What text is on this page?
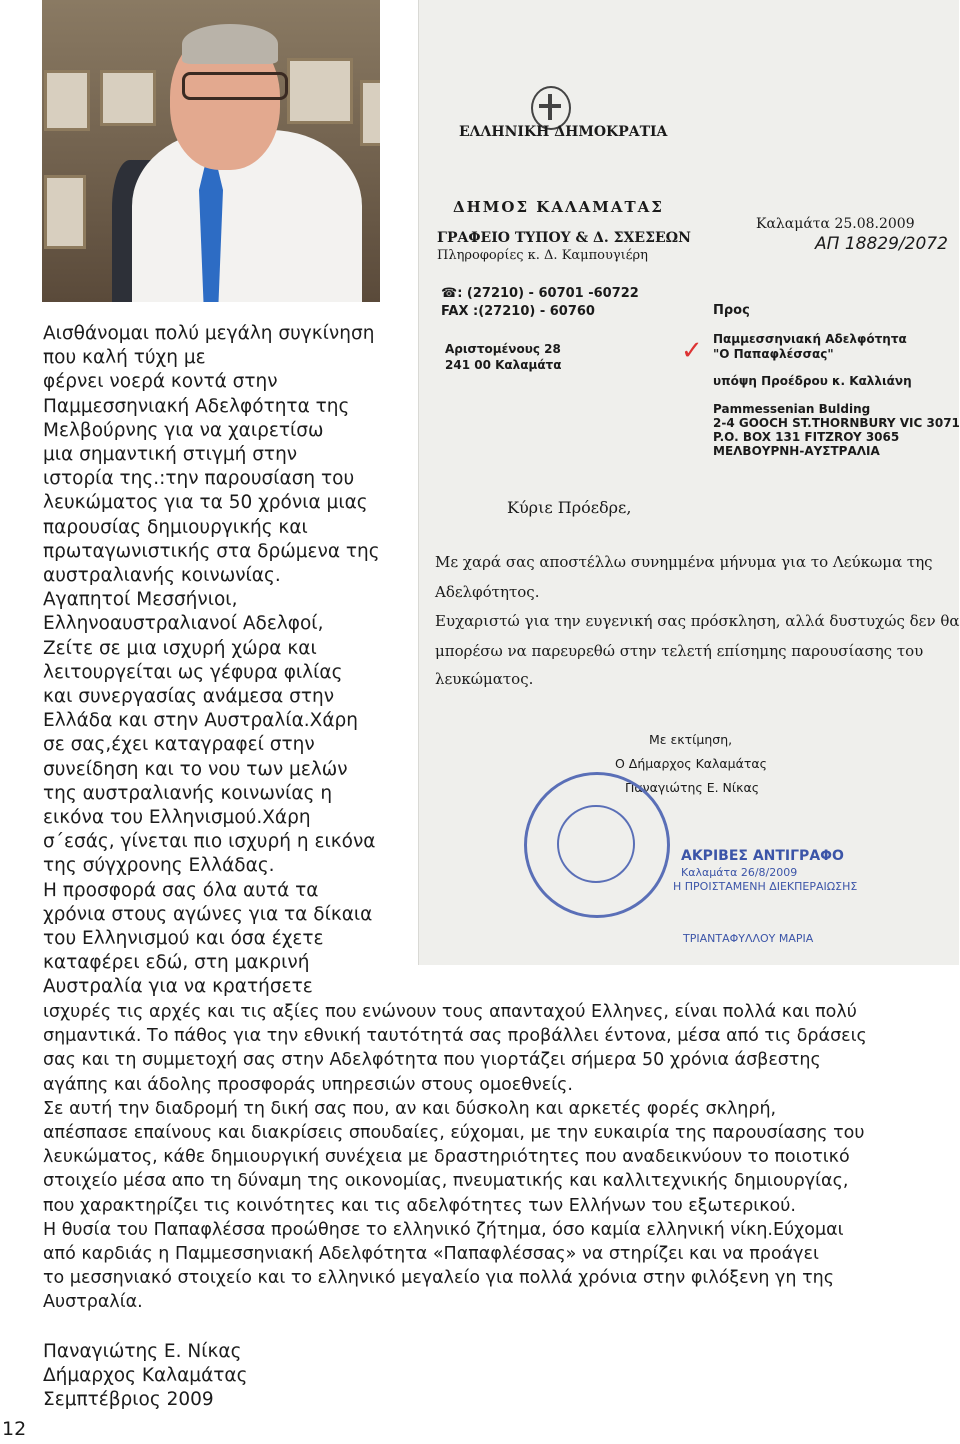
ΕΛΛΗΝΙΚΗ ΔΗΜΟΚΡΑΤΙΑ
ΔΗΜΟΣ ΚΑΛΑΜΑΤΑΣ
ΓΡΑΦΕΙΟ ΤΥΠΟΥ & Δ. ΣΧΕΣΕΩΝ
Πληροφορίες κ. Δ. Καμπουγιέρη
Καλαμάτα 25.08.2009
ΑΠ 18829/2072
☎: (27210) - 60701 -60722
FAX :(27210) - 60760
Αριστομένους 28
241 00 Καλαμάτα
Προς
✓ Παμμεσσηνιακή Αδελφότητα
"Ο Παπαφλέσσας"
υπόψη Προέδρου κ. Καλλιάνη
Pammessenian Bulding
2-4 GOOCH ST.THORNBURY VIC 3071
P.O. BOX 131 FITZROY 3065
ΜΕΛΒΟΥΡΝΗ-ΑΥΣΤΡΑΛΙΑ
Κύριε Πρόεδρε,
Με χαρά σας αποστέλλω συνημμένα μήνυμα για το Λεύκωμα της
Αδελφότητος.
Ευχαριστώ για την ευγενική σας πρόσκληση, αλλά δυστυχώς δεν θα
μπορέσω να παρευρεθώ στην τελετή επίσημης παρουσίασης του
λευκώματος.
Με εκτίμηση,
Ο Δήμαρχος Καλαμάτας
Παναγιώτης Ε. Νίκας
ΑΚΡΙΒΕΣ ΑΝΤΙΓΡΑΦΟ
Καλαμάτα 26/8/2009
Η ΠΡΟΙΣΤΑΜΕΝΗ ΔΙΕΚΠΕΡΑΙΩΣΗΣ
ΤΡΙΑΝΤΑΦΥΛΛΟΥ ΜΑΡΙΑ
Αισθάνομαι πολύ μεγάλη συγκίνηση
που καλή τύχη με
φέρνει νοερά κοντά στην
Παμμεσσηνιακή Αδελφότητα της
Μελβούρνης για να χαιρετίσω
μια σημαντική στιγμή στην
ιστορία της.:την παρουσίαση του
λευκώματος για τα 50 χρόνια μιας
παρουσίας δημιουργικής και
πρωταγωνιστικής στα δρώμενα της
αυστραλιανής κοινωνίας.
Αγαπητοί Μεσσήνιοι,
Ελληνοαυστραλιανοί Αδελφοί,
Ζείτε σε μια ισχυρή χώρα και
λειτουργείται ως γέφυρα φιλίας
και συνεργασίας ανάμεσα στην
Ελλάδα και στην Αυστραλία.Χάρη
σε σας,έχει καταγραφεί στην
συνείδηση και το νου των μελών
της αυστραλιανής κοινωνίας η
εικόνα του Ελληνισμού.Χάρη
σ΄εσάς, γίνεται πιο ισχυρή η εικόνα
της σύγχρονης Ελλάδας.
Η προσφορά σας όλα αυτά τα
χρόνια στους αγώνες για τα δίκαια
του Ελληνισμού και όσα έχετε
καταφέρει εδώ, στη μακρινή
Αυστραλία για να κρατήσετε
ισχυρές τις αρχές και τις αξίες που ενώνουν τους απανταχού Ελληνες, είναι πολλά και πολύ
σημαντικά. Το πάθος για την εθνική ταυτότητά σας προβάλλει έντονα, μέσα από τις δράσεις
σας και τη συμμετοχή σας στην Αδελφότητα που γιορτάζει σήμερα 50 χρόνια άσβεστης
αγάπης και άδολης προσφοράς υπηρεσιών στους ομοεθνείς.
Σε αυτή την διαδρομή τη δική σας που, αν και δύσκολη και αρκετές φορές σκληρή,
απέσπασε επαίνους και διακρίσεις σπουδαίες, εύχομαι, με την ευκαιρία της παρουσίασης του
λευκώματος, κάθε δημιουργική συνέχεια με δραστηριότητες που αναδεικνύουν το ποιοτικό
στοιχείο μέσα απο τη δύναμη της οικονομίας, πνευματικής και καλλιτεχνικής δημιουργίας,
που χαρακτηρίζει τις κοινότητες και τις αδελφότητες των Ελλήνων του εξωτερικού.
Η θυσία του Παπαφλέσσα προώθησε το ελληνικό ζήτημα, όσο καμία ελληνική νίκη.Εύχομαι
από καρδιάς η Παμμεσσηνιακή Αδελφότητα «Παπαφλέσσας» να στηρίζει και να προάγει
το μεσσηνιακό στοιχείο και το ελληνικό μεγαλείο για πολλά χρόνια στην φιλόξενη γη της
Αυστραλία.
Παναγιώτης Ε. Νίκας
Δήμαρχος Καλαμάτας
Σεμπτέβριος 2009
12
